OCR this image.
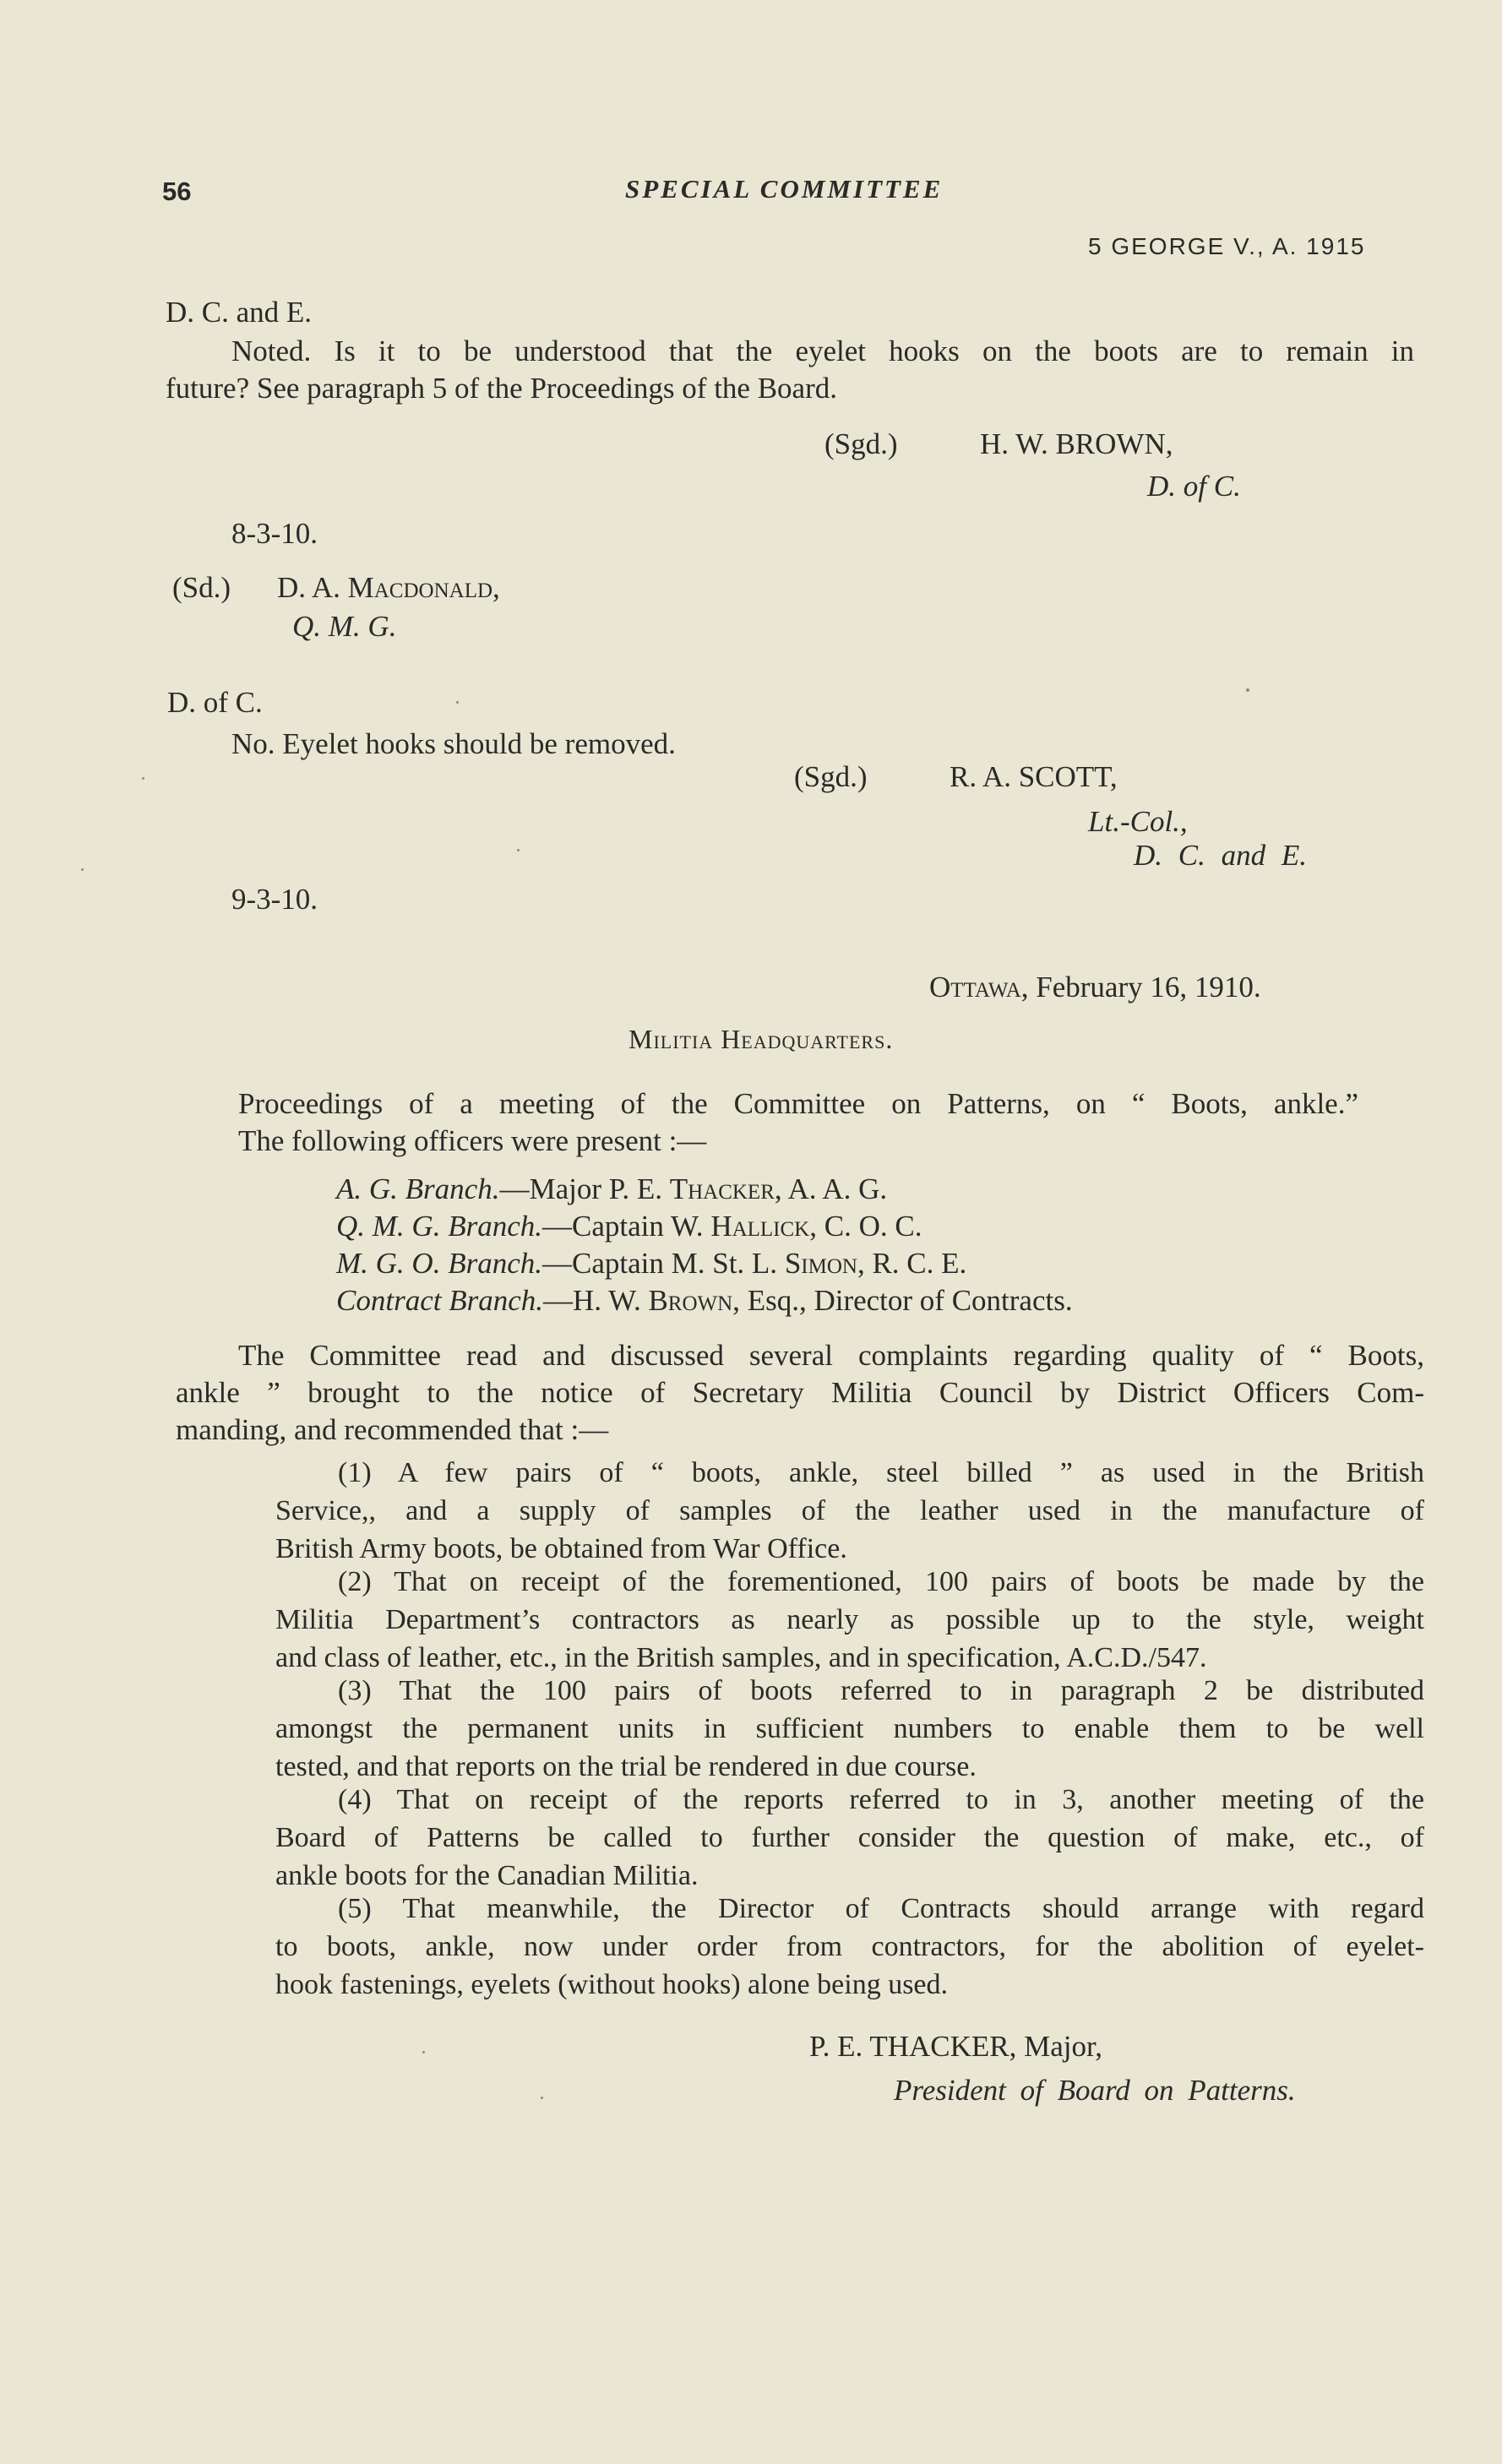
56	SPECIAL COMMITTEE
5 GEORGE V., A. 1915
D. C. and E.
Noted. Is it to be understood that the eyelet hooks on the boots are to remain in
future? See paragraph 5 of the Proceedings of the Board.
(Sgd.)	H. W. BROWN,
D. of C.
8-3-10.
(Sd.) D. A. Macdonald,
Q. M. G.
D. of C.
No. Eyelet hooks should be removed.
(Sgd.)	R. A. SCOTT,
Lt.-Col.,
D. C. and E.
9-3-10.
Ottawa, February 16, 1910.
Militia Headquarters.
Proceedings of a meeting of the Committee on Patterns, on “ Boots, ankle.”
The following officers were present :—
A. G. Branch.—Major P. E. Thacker, A. A. G.
Q. M. G. Branch.—Captain W. Hallick, C. O. C.
M. G. O. Branch.—Captain M. St. L. Simon, R. C. E.
Contract Branch.—H. W. Brown, Esq., Director of Contracts.
The Committee read and discussed several complaints regarding quality of “ Boots,
ankle ” brought to the notice of Secretary Militia Council by District Officers Com-
manding, and recommended that :—
(1) A few pairs of “ boots, ankle, steel billed ” as used in the British
Service,, and a supply of samples of the leather used in the manufacture of
British Army boots, be obtained from War Office.
(2) That on receipt of the forementioned, 100 pairs of boots be made by the
Militia Department’s contractors as nearly as possible up to the style, weight
and class of leather, etc., in the British samples, and in specification, A.C.D./547.
(3) That the 100 pairs of boots referred to in paragraph 2 be distributed
amongst the permanent units in sufficient numbers to enable them to be well
tested, and that reports on the trial be rendered in due course.
(4) That on receipt of the reports referred to in 3, another meeting of the
Board of Patterns be called to further consider the question of make, etc., of
ankle boots for the Canadian Militia.
(5) That meanwhile, the Director of Contracts should arrange with regard
to boots, ankle, now under order from contractors, for the abolition of eyelet-
hook fastenings, eyelets (without hooks) alone being used.
P. E. THACKER, Major,
President of Board on Patterns.
